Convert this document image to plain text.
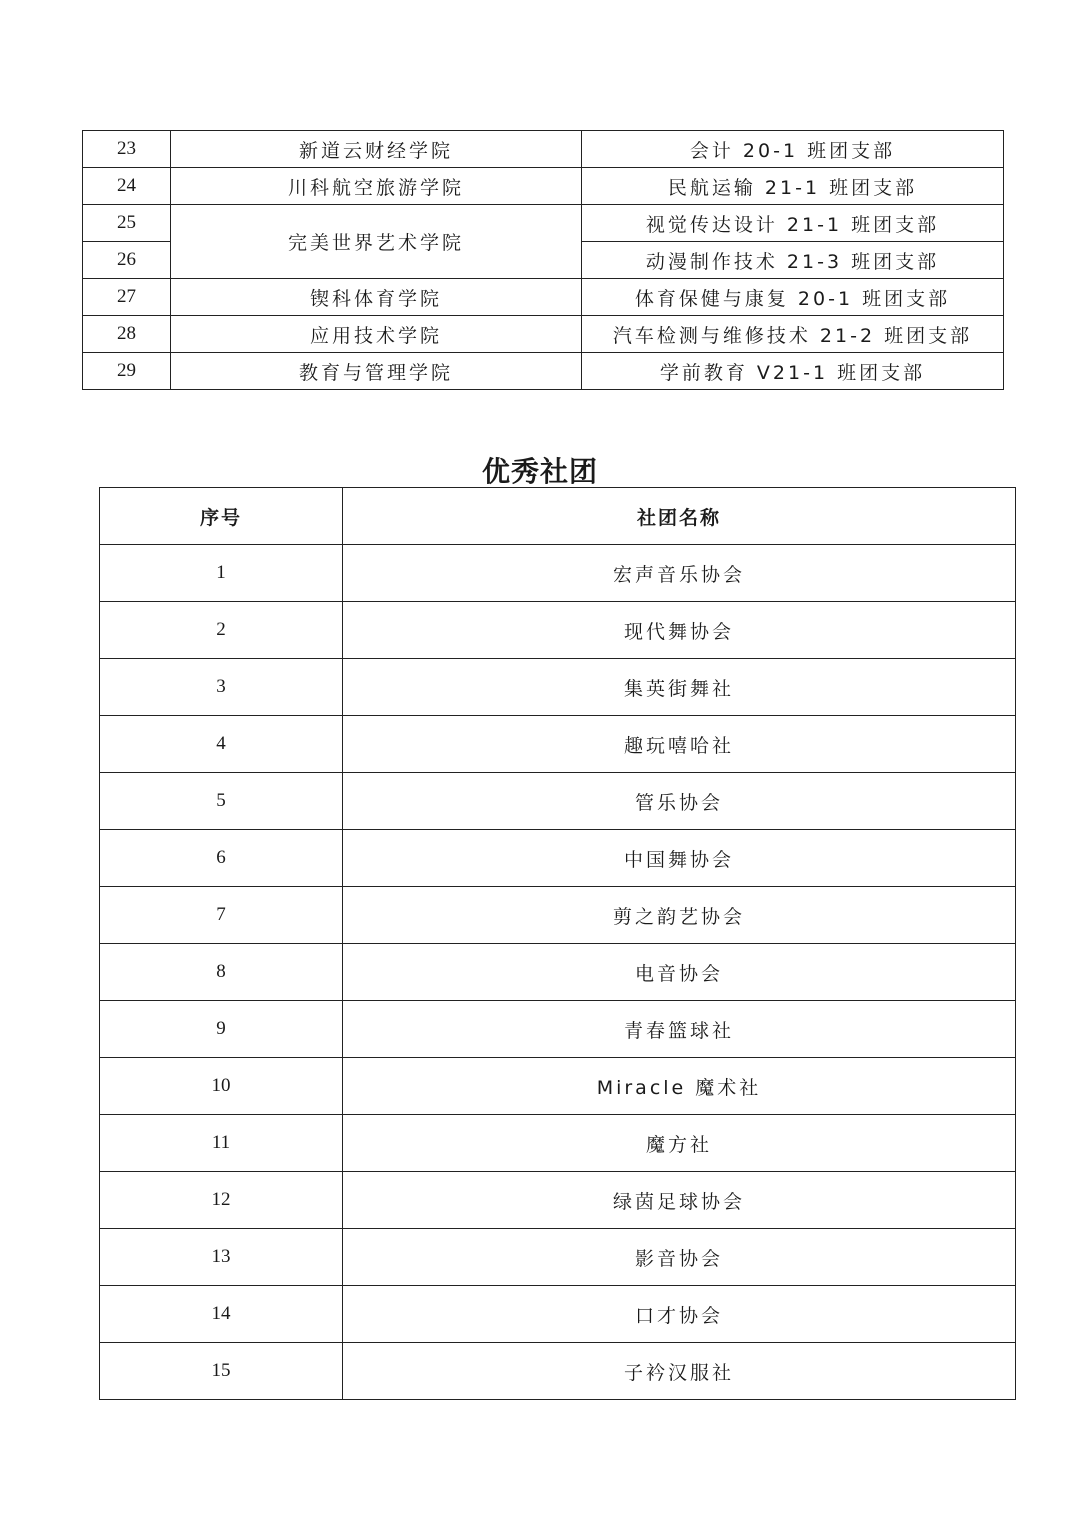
23	新道云财经学院	会计 20-1 班团支部
24	川科航空旅游学院	民航运输 21-1 班团支部
25	完美世界艺术学院	视觉传达设计 21-1 班团支部
26		动漫制作技术 21-3 班团支部
27	锲科体育学院	体育保健与康复 20-1 班团支部
28	应用技术学院	汽车检测与维修技术 21-2 班团支部
29	教育与管理学院	学前教育 V21-1 班团支部
优秀社团
序号	社团名称
1	宏声音乐协会
2	现代舞协会
3	集英街舞社
4	趣玩嘻哈社
5	管乐协会
6	中国舞协会
7	剪之韵艺协会
8	电音协会
9	青春篮球社
10	Miracle 魔术社
11	魔方社
12	绿茵足球协会
13	影音协会
14	口才协会
15	子衿汉服社
